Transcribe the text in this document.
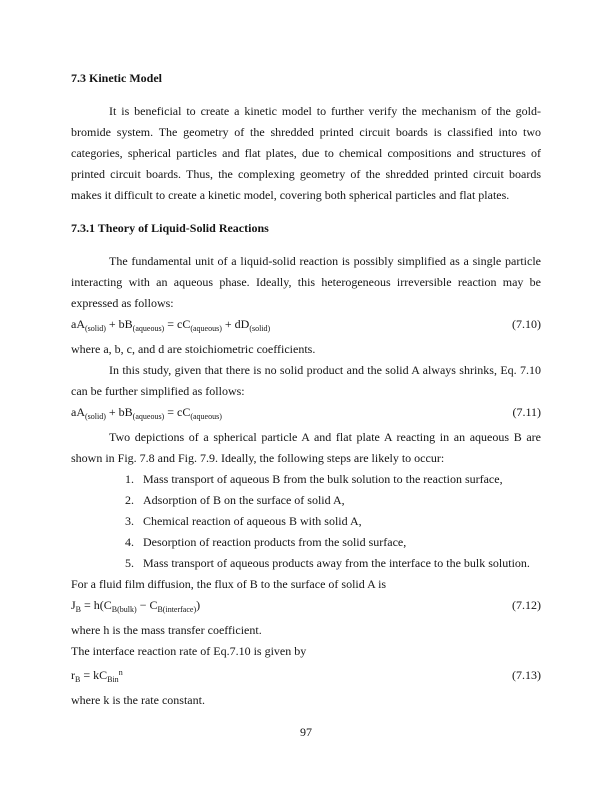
7.3 Kinetic Model

It is beneficial to create a kinetic model to further verify the mechanism of the gold-bromide system. The geometry of the shredded printed circuit boards is classified into two categories, spherical particles and flat plates, due to chemical compositions and structures of printed circuit boards. Thus, the complexing geometry of the shredded printed circuit boards makes it difficult to create a kinetic model, covering both spherical particles and flat plates.

7.3.1 Theory of Liquid-Solid Reactions

The fundamental unit of a liquid-solid reaction is possibly simplified as a single particle interacting with an aqueous phase. Ideally, this heterogeneous irreversible reaction may be expressed as follows:

$aA_{(solid)} + bB_{(aqueous)} = cC_{(aqueous)} + dD_{(solid)}$	(7.10)

where a, b, c, and d are stoichiometric coefficients.

In this study, given that there is no solid product and the solid A always shrinks, Eq. 7.10 can be further simplified as follows:

$aA_{(solid)} + bB_{(aqueous)} = cC_{(aqueous)}$	(7.11)

Two depictions of a spherical particle A and flat plate A reacting in an aqueous B are shown in Fig. 7.8 and Fig. 7.9. Ideally, the following steps are likely to occur:

1. Mass transport of aqueous B from the bulk solution to the reaction surface,
2. Adsorption of B on the surface of solid A,
3. Chemical reaction of aqueous B with solid A,
4. Desorption of reaction products from the solid surface,
5. Mass transport of aqueous products away from the interface to the bulk solution.

For a fluid film diffusion, the flux of B to the surface of solid A is

$J_B = h(C_{B(bulk)} - C_{B(interface)})$	(7.12)

where h is the mass transfer coefficient.

The interface reaction rate of Eq.7.10 is given by

$r_B = kC_{Bin}^n$	(7.13)

where k is the rate constant.

97
